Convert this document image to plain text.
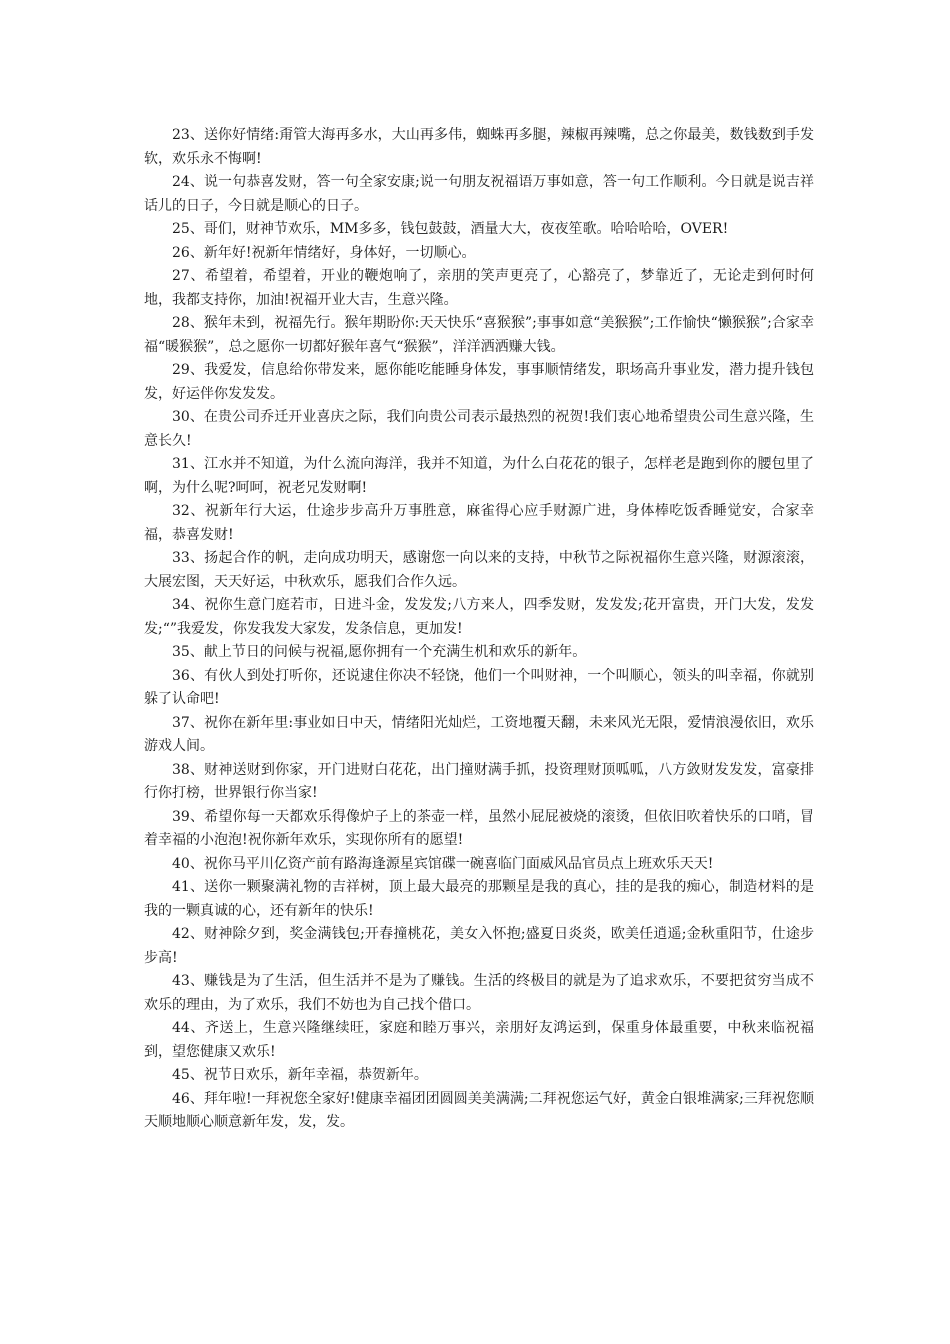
23、送你好情绪:甭管大海再多水，大山再多伟，蜘蛛再多腿，辣椒再辣嘴，总之你最美，数钱数到手发软，欢乐永不悔啊!

24、说一句恭喜发财，答一句全家安康;说一句朋友祝福语万事如意，答一句工作顺利。今日就是说吉祥话儿的日子，今日就是顺心的日子。

25、哥们，财神节欢乐，MM多多，钱包鼓鼓，酒量大大，夜夜笙歌。哈哈哈哈，OVER!

26、新年好!祝新年情绪好，身体好，一切顺心。

27、希望着，希望着，开业的鞭炮响了，亲朋的笑声更亮了，心豁亮了，梦靠近了，无论走到何时何地，我都支持你，加油!祝福开业大吉，生意兴隆。

28、猴年未到，祝福先行。猴年期盼你:天天快乐“喜猴猴”;事事如意“美猴猴”;工作愉快“懒猴猴”;合家幸福“暖猴猴”，总之愿你一切都好猴年喜气“猴猴”，洋洋洒洒赚大钱。

29、我爱发，信息给你带发来，愿你能吃能睡身体发，事事顺情绪发，职场高升事业发，潜力提升钱包发，好运伴你发发发。

30、在贵公司乔迁开业喜庆之际，我们向贵公司表示最热烈的祝贺!我们衷心地希望贵公司生意兴隆，生意长久!

31、江水并不知道，为什么流向海洋，我并不知道，为什么白花花的银子，怎样老是跑到你的腰包里了啊，为什么呢?呵呵，祝老兄发财啊!

32、祝新年行大运，仕途步步高升万事胜意，麻雀得心应手财源广进，身体棒吃饭香睡觉安，合家幸福，恭喜发财!

33、扬起合作的帆，走向成功明天，感谢您一向以来的支持，中秋节之际祝福你生意兴隆，财源滚滚，大展宏图，天天好运，中秋欢乐，愿我们合作久远。

34、祝你生意门庭若市，日进斗金，发发发;八方来人，四季发财，发发发;花开富贵，开门大发，发发发;“”我爱发，你发我发大家发，发条信息，更加发!

35、献上节日的问候与祝福,愿你拥有一个充满生机和欢乐的新年。

36、有伙人到处打听你，还说逮住你决不轻饶，他们一个叫财神，一个叫顺心，领头的叫幸福，你就别躲了认命吧!

37、祝你在新年里:事业如日中天，情绪阳光灿烂，工资地覆天翻，未来风光无限，爱情浪漫依旧，欢乐游戏人间。

38、财神送财到你家，开门进财白花花，出门撞财满手抓，投资理财顶呱呱，八方敛财发发发，富豪排行你打榜，世界银行你当家!

39、希望你每一天都欢乐得像炉子上的茶壶一样，虽然小屁屁被烧的滚烫，但依旧吹着快乐的口哨，冒着幸福的小泡泡!祝你新年欢乐，实现你所有的愿望!

40、祝你马平川亿资产前有路海逢源星宾馆碟一碗喜临门面威风品官员点上班欢乐天天!

41、送你一颗聚满礼物的吉祥树，顶上最大最亮的那颗星是我的真心，挂的是我的痴心，制造材料的是我的一颗真诚的心，还有新年的快乐!

42、财神除夕到，奖金满钱包;开春撞桃花，美女入怀抱;盛夏日炎炎，欧美任逍遥;金秋重阳节，仕途步步高!

43、赚钱是为了生活，但生活并不是为了赚钱。生活的终极目的就是为了追求欢乐，不要把贫穷当成不欢乐的理由，为了欢乐，我们不妨也为自己找个借口。

44、齐送上，生意兴隆继续旺，家庭和睦万事兴，亲朋好友鸿运到，保重身体最重要，中秋来临祝福到，望您健康又欢乐!

45、祝节日欢乐，新年幸福，恭贺新年。

46、拜年啦!一拜祝您全家好!健康幸福团团圆圆美美满满;二拜祝您运气好，黄金白银堆满家;三拜祝您顺天顺地顺心顺意新年发，发，发。
